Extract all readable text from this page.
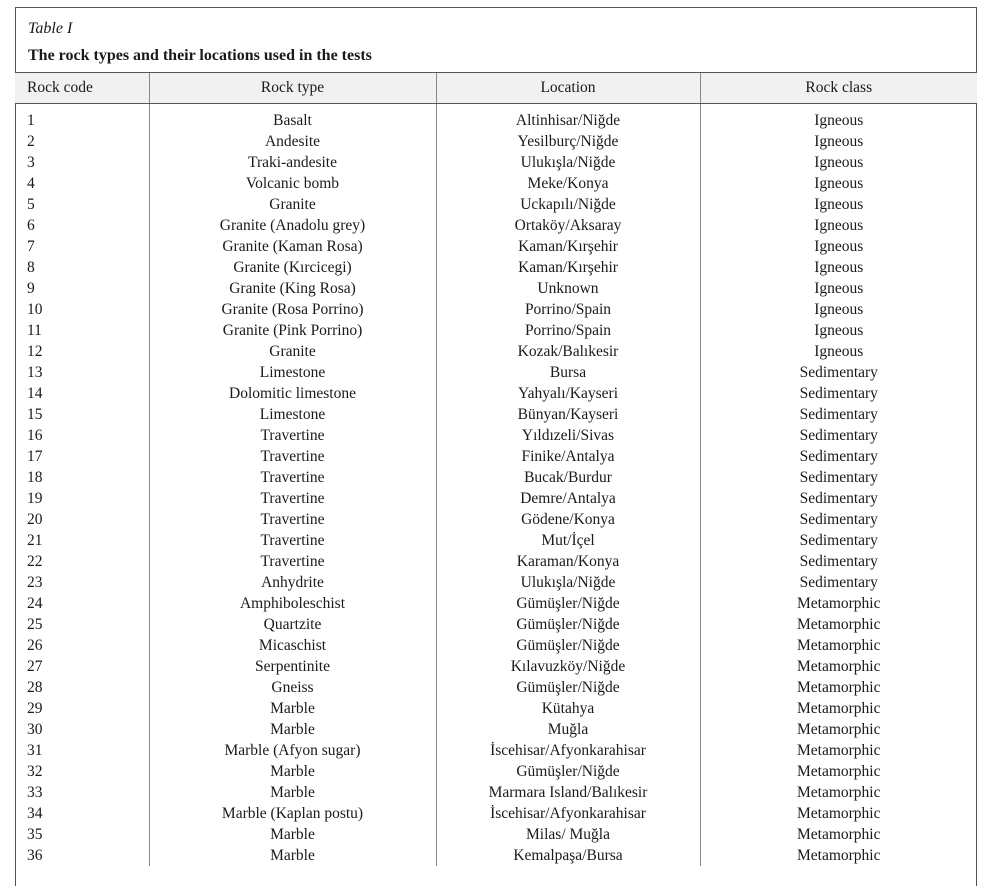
Table I
The rock types and their locations used in the tests
Rock code	Rock type	Location	Rock class
1	Basalt	Altinhisar/Niğde	Igneous
2	Andesite	Yesilburç/Niğde	Igneous
3	Traki-andesite	Ulukışla/Niğde	Igneous
4	Volcanic bomb	Meke/Konya	Igneous
5	Granite	Uckapılı/Niğde	Igneous
6	Granite (Anadolu grey)	Ortaköy/Aksaray	Igneous
7	Granite (Kaman Rosa)	Kaman/Kırşehir	Igneous
8	Granite (Kırcicegi)	Kaman/Kırşehir	Igneous
9	Granite (King Rosa)	Unknown	Igneous
10	Granite (Rosa Porrino)	Porrino/Spain	Igneous
11	Granite (Pink Porrino)	Porrino/Spain	Igneous
12	Granite	Kozak/Balıkesir	Igneous
13	Limestone	Bursa	Sedimentary
14	Dolomitic limestone	Yahyalı/Kayseri	Sedimentary
15	Limestone	Bünyan/Kayseri	Sedimentary
16	Travertine	Yıldızeli/Sivas	Sedimentary
17	Travertine	Finike/Antalya	Sedimentary
18	Travertine	Bucak/Burdur	Sedimentary
19	Travertine	Demre/Antalya	Sedimentary
20	Travertine	Gödene/Konya	Sedimentary
21	Travertine	Mut/İçel	Sedimentary
22	Travertine	Karaman/Konya	Sedimentary
23	Anhydrite	Ulukışla/Niğde	Sedimentary
24	Amphiboleschist	Gümüşler/Niğde	Metamorphic
25	Quartzite	Gümüşler/Niğde	Metamorphic
26	Micaschist	Gümüşler/Niğde	Metamorphic
27	Serpentinite	Kılavuzköy/Niğde	Metamorphic
28	Gneiss	Gümüşler/Niğde	Metamorphic
29	Marble	Kütahya	Metamorphic
30	Marble	Muğla	Metamorphic
31	Marble (Afyon sugar)	İscehisar/Afyonkarahisar	Metamorphic
32	Marble	Gümüşler/Niğde	Metamorphic
33	Marble	Marmara Island/Balıkesir	Metamorphic
34	Marble (Kaplan postu)	İscehisar/Afyonkarahisar	Metamorphic
35	Marble	Milas/ Muğla	Metamorphic
36	Marble	Kemalpaşa/Bursa	Metamorphic
